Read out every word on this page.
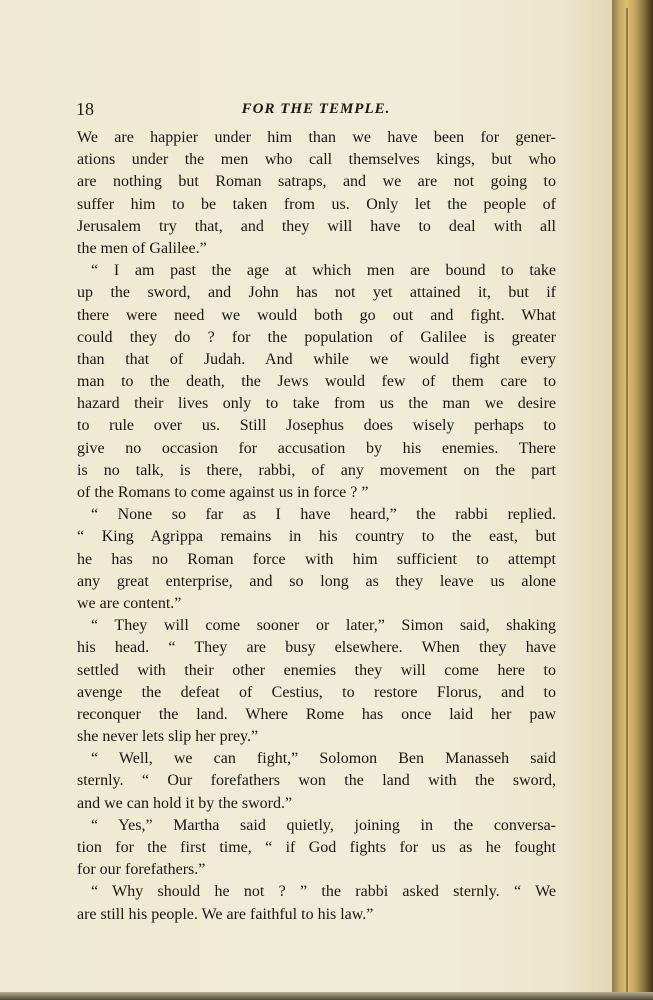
18	FOR THE TEMPLE.
We are happier under him than we have been for gener-
ations under the men who call themselves kings, but who
are nothing but Roman satraps, and we are not going to
suffer him to be taken from us. Only let the people of
Jerusalem try that, and they will have to deal with all
the men of Galilee.”
“ I am past the age at which men are bound to take
up the sword, and John has not yet attained it, but if
there were need we would both go out and fight. What
could they do ? for the population of Galilee is greater
than that of Judah. And while we would fight every
man to the death, the Jews would few of them care to
hazard their lives only to take from us the man we desire
to rule over us. Still Josephus does wisely perhaps to
give no occasion for accusation by his enemies. There
is no talk, is there, rabbi, of any movement on the part
of the Romans to come against us in force ? ”
“ None so far as I have heard,” the rabbi replied.
“ King Agrippa remains in his country to the east, but
he has no Roman force with him sufficient to attempt
any great enterprise, and so long as they leave us alone
we are content.”
“ They will come sooner or later,” Simon said, shaking
his head. “ They are busy elsewhere. When they have
settled with their other enemies they will come here to
avenge the defeat of Cestius, to restore Florus, and to
reconquer the land. Where Rome has once laid her paw
she never lets slip her prey.”
“ Well, we can fight,” Solomon Ben Manasseh said
sternly. “ Our forefathers won the land with the sword,
and we can hold it by the sword.”
“ Yes,” Martha said quietly, joining in the conversa-
tion for the first time, “ if God fights for us as he fought
for our forefathers.”
“ Why should he not ? ” the rabbi asked sternly. “ We
are still his people. We are faithful to his law.”
